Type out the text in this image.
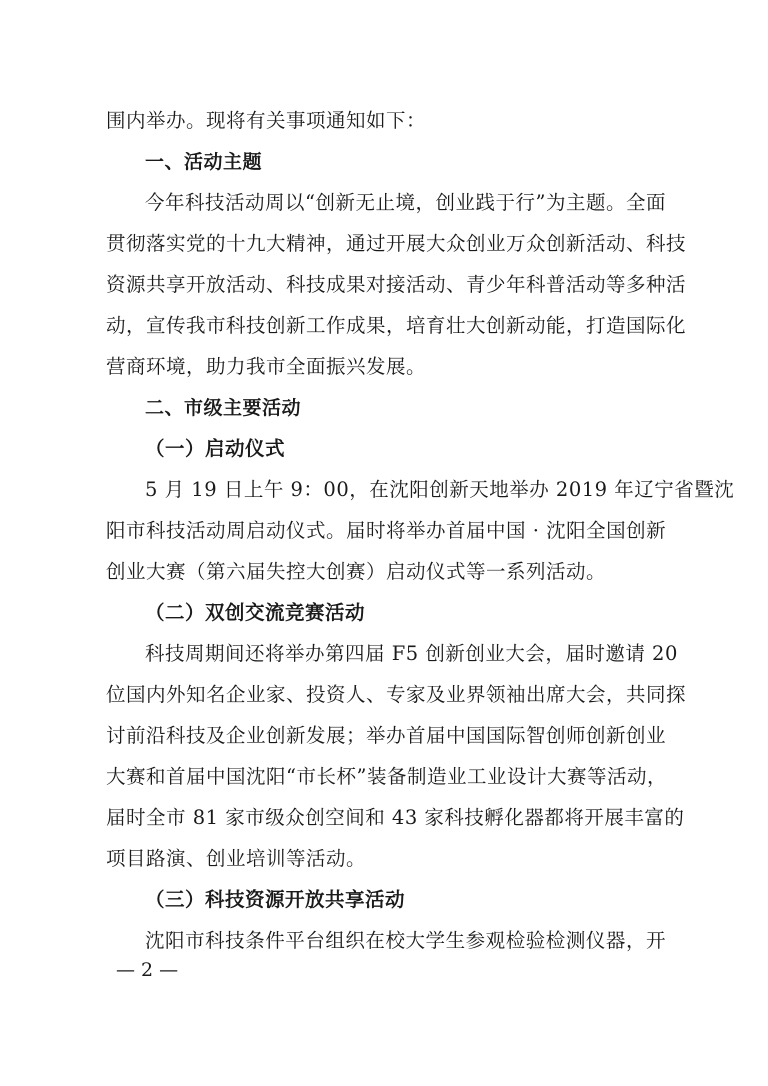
围内举办。现将有关事项通知如下：
一、活动主题
今年科技活动周以“创新无止境，创业践于行”为主题。全面
贯彻落实党的十九大精神，通过开展大众创业万众创新活动、科技
资源共享开放活动、科技成果对接活动、青少年科普活动等多种活
动，宣传我市科技创新工作成果，培育壮大创新动能，打造国际化
营商环境，助力我市全面振兴发展。
二、市级主要活动
（一）启动仪式
5 月 19 日上午 9：00，在沈阳创新天地举办 2019 年辽宁省暨沈
阳市科技活动周启动仪式。届时将举办首届中国 · 沈阳全国创新
创业大赛（第六届失控大创赛）启动仪式等一系列活动。
（二）双创交流竞赛活动
科技周期间还将举办第四届 F5 创新创业大会，届时邀请 20
位国内外知名企业家、投资人、专家及业界领袖出席大会，共同探
讨前沿科技及企业创新发展；举办首届中国国际智创师创新创业
大赛和首届中国沈阳“市长杯”装备制造业工业设计大赛等活动，
届时全市 81 家市级众创空间和 43 家科技孵化器都将开展丰富的
项目路演、创业培训等活动。
（三）科技资源开放共享活动
沈阳市科技条件平台组织在校大学生参观检验检测仪器，开
— 2 —
